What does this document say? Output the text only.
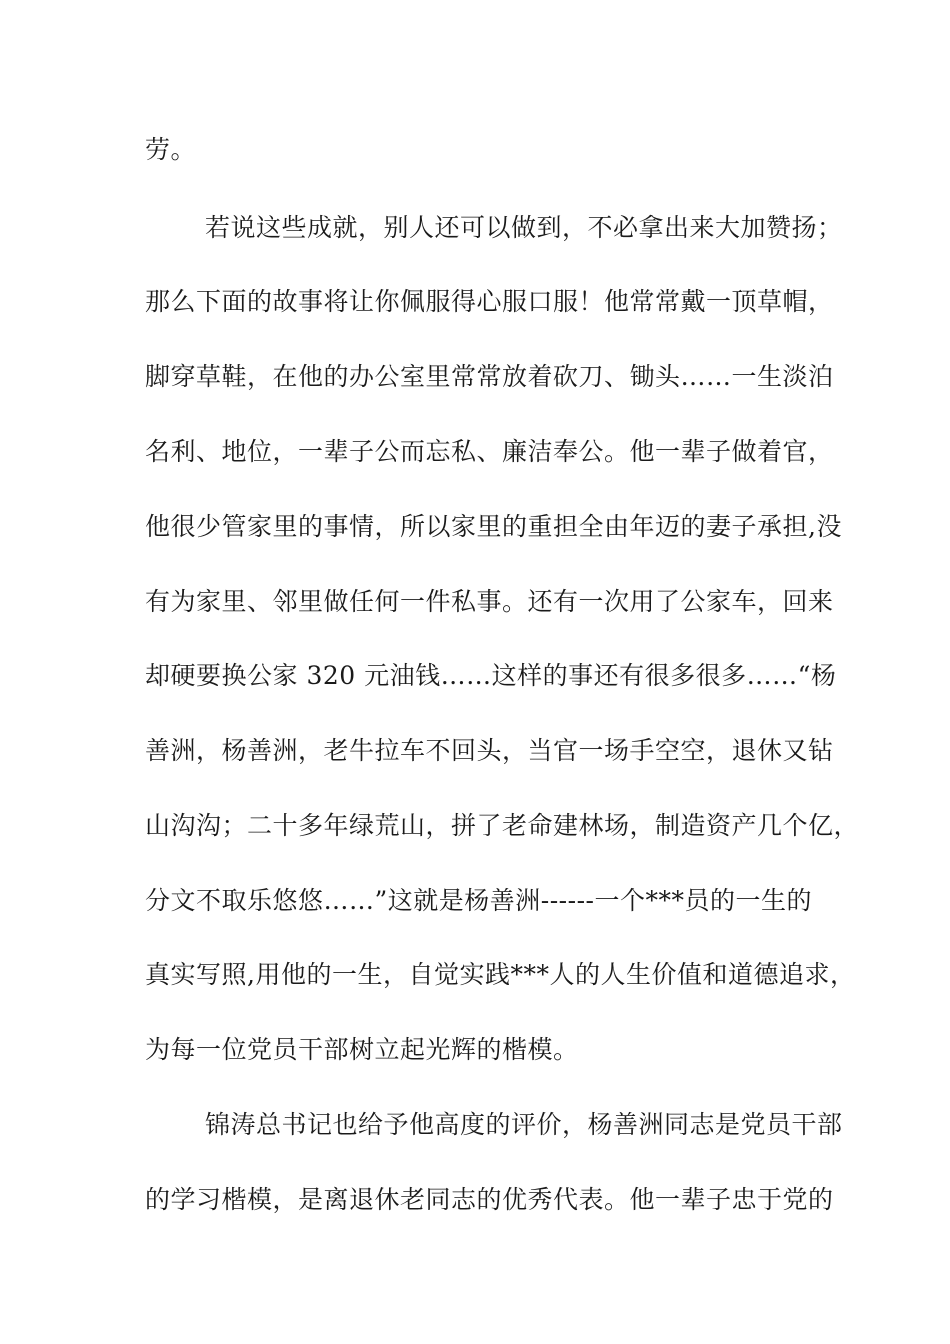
劳。
若说这些成就，别人还可以做到，不必拿出来大加赞扬；
那么下面的故事将让你佩服得心服口服！他常常戴一顶草帽，
脚穿草鞋，在他的办公室里常常放着砍刀、锄头……一生淡泊
名利、地位，一辈子公而忘私、廉洁奉公。他一辈子做着官，
他很少管家里的事情，所以家里的重担全由年迈的妻子承担,没
有为家里、邻里做任何一件私事。还有一次用了公家车，回来
却硬要换公家 320 元油钱……这样的事还有很多很多……“杨
善洲，杨善洲，老牛拉车不回头，当官一场手空空，退休又钻
山沟沟；二十多年绿荒山，拼了老命建林场，制造资产几个亿，
分文不取乐悠悠……”这就是杨善洲------一个***员的一生的
真实写照,用他的一生，自觉实践***人的人生价值和道德追求，
为每一位党员干部树立起光辉的楷模。
锦涛总书记也给予他高度的评价，杨善洲同志是党员干部
的学习楷模，是离退休老同志的优秀代表。他一辈子忠于党的
